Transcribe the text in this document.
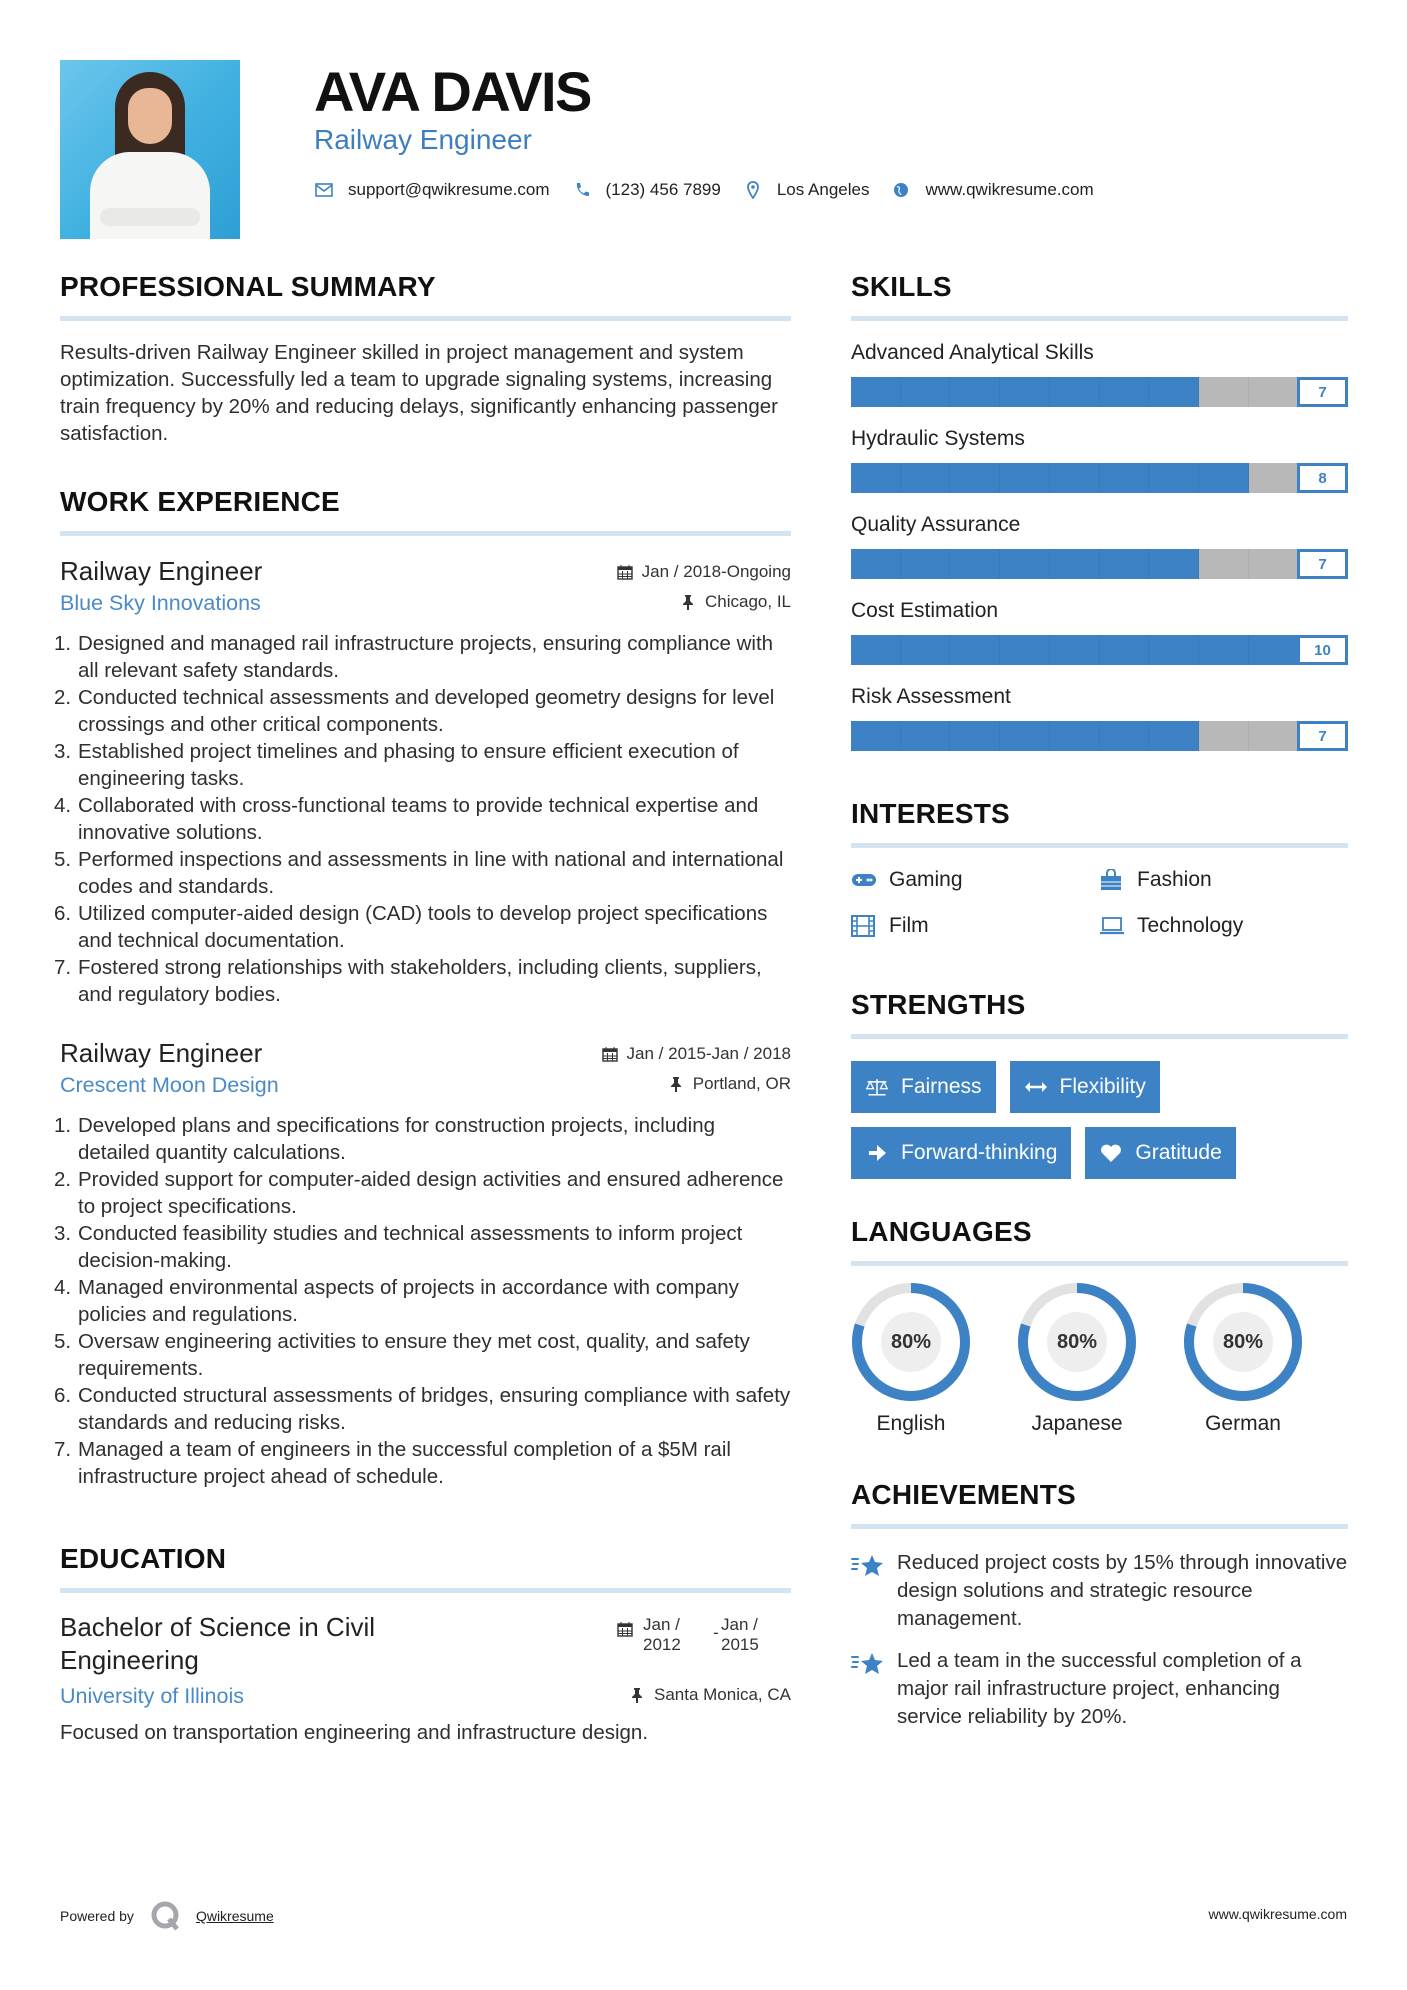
AVA DAVIS
Railway Engineer
support@qwikresume.com	(123) 456 7899	Los Angeles	www.qwikresume.com
PROFESSIONAL SUMMARY

Results-driven Railway Engineer skilled in project management and system optimization. Successfully led a team to upgrade signaling systems, increasing train frequency by 20% and reducing delays, significantly enhancing passenger satisfaction.

WORK EXPERIENCE
Railway Engineer	Jan / 2018-Ongoing
Blue Sky Innovations	Chicago, IL
Designed and managed rail infrastructure projects, ensuring compliance with all relevant safety standards.
Conducted technical assessments and developed geometry designs for level crossings and other critical components.
Established project timelines and phasing to ensure efficient execution of engineering tasks.
Collaborated with cross-functional teams to provide technical expertise and innovative solutions.
Performed inspections and assessments in line with national and international codes and standards.
Utilized computer-aided design (CAD) tools to develop project specifications and technical documentation.
Fostered strong relationships with stakeholders, including clients, suppliers, and regulatory bodies.
Railway Engineer	Jan / 2015-Jan / 2018
Crescent Moon Design	Portland, OR
Developed plans and specifications for construction projects, including detailed quantity calculations.
Provided support for computer-aided design activities and ensured adherence to project specifications.
Conducted feasibility studies and technical assessments to inform project decision-making.
Managed environmental aspects of projects in accordance with company policies and regulations.
Oversaw engineering activities to ensure they met cost, quality, and safety requirements.
Conducted structural assessments of bridges, ensuring compliance with safety standards and reducing risks.
Managed a team of engineers in the successful completion of a $5M rail infrastructure project ahead of schedule.
EDUCATION
Bachelor of Science in Civil Engineering
Jan / 2012
- Jan / 2015
University of Illinois	Santa Monica, CA

Focused on transportation engineering and infrastructure design.

SKILLS
Advanced Analytical Skills
7
Hydraulic Systems
8
Quality Assurance
7
Cost Estimation
10
Risk Assessment
7
INTERESTS
Gaming	Fashion
Film	Technology
STRENGTHS
Fairness	Flexibility
Forward-thinking	Gratitude
LANGUAGES
80%
English
80%
Japanese
80%
German
ACHIEVEMENTS
Reduced project costs by 15% through innovative design solutions and strategic resource management.
Led a team in the successful completion of a major rail infrastructure project, enhancing service reliability by 20%.
Powered by	Qwikresume	www.qwikresume.com
